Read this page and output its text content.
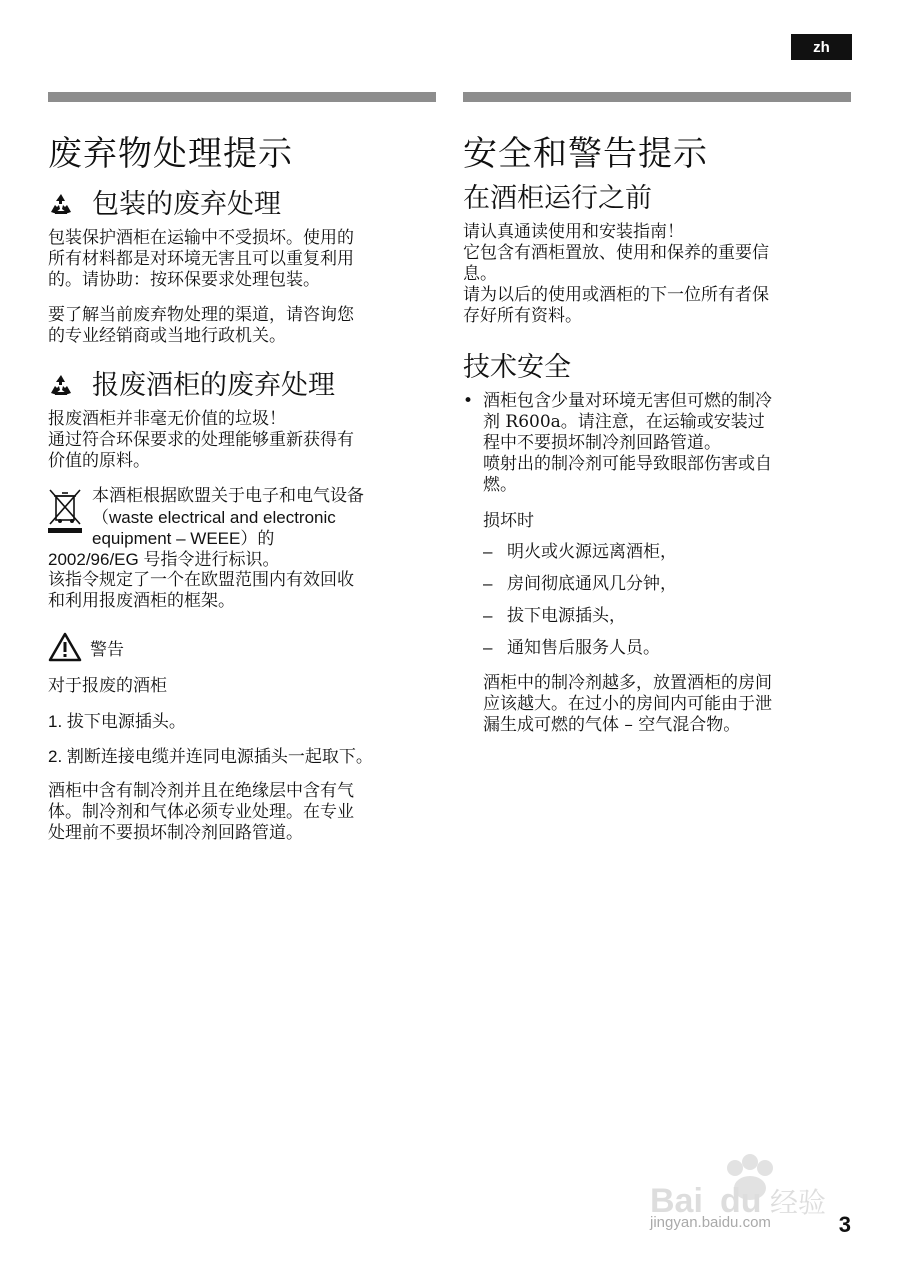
zh
废弃物处理提示
包装的废弃处理

包装保护酒柜在运输中不受损坏。使用的

所有材料都是对环境无害且可以重复利用

的。请协助：按环保要求处理包装。

要了解当前废弃物处理的渠道，请咨询您

的专业经销商或当地行政机关。

报废酒柜的废弃处理

报废酒柜并非毫无价值的垃圾！

通过符合环保要求的处理能够重新获得有

价值的原料。

本酒柜根据欧盟关于电子和电气设备

（waste electrical and electronic

equipment – WEEE）的

2002/96/EG 号指令进行标识。

该指令规定了一个在欧盟范围内有效回收

和利用报废酒柜的框架。

警告

对于报废的酒柜

1. 拔下电源插头。

2. 割断连接电缆并连同电源插头一起取下。

酒柜中含有制冷剂并且在绝缘层中含有气

体。制冷剂和气体必须专业处理。在专业

处理前不要损坏制冷剂回路管道。

安全和警告提示
在酒柜运行之前

请认真通读使用和安装指南！

它包含有酒柜置放、使用和保养的重要信

息。

请为以后的使用或酒柜的下一位所有者保

存好所有资料。

技术安全
• 酒柜包含少量对环境无害但可燃的制冷

剂 R600a。请注意，在运输或安装过

程中不要损坏制冷剂回路管道。

喷射出的制冷剂可能导致眼部伤害或自

燃。

损坏时

– 明火或火源远离酒柜，

– 房间彻底通风几分钟，

– 拔下电源插头，

– 通知售后服务人员。

酒柜中的制冷剂越多，放置酒柜的房间

应该越大。在过小的房间内可能由于泄

漏生成可燃的气体 – 空气混合物。

Bai du 经验
jingyan.baidu.com	3
